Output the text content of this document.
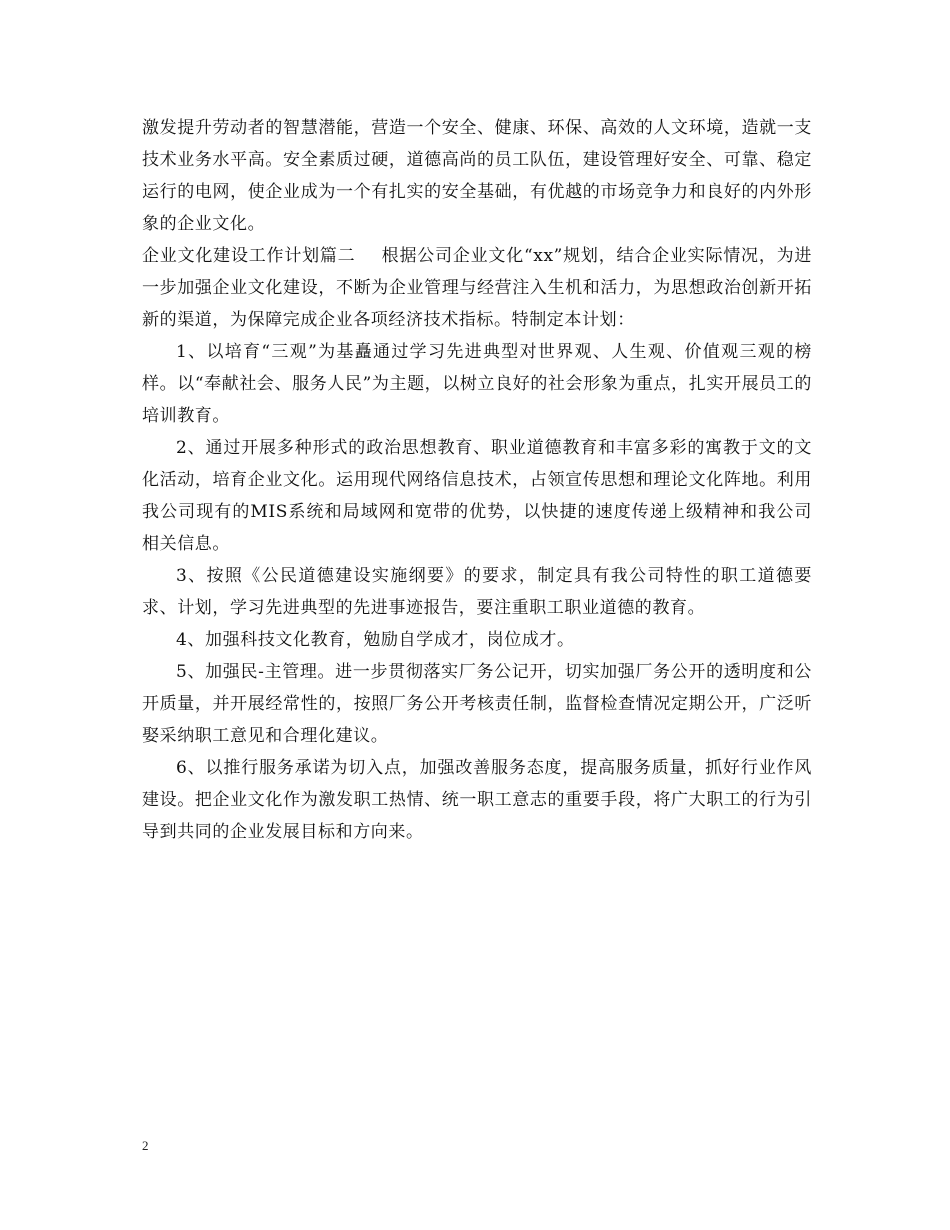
激发提升劳动者的智慧潜能，营造一个安全、健康、环保、高效的人文环境，造就一支技术业务水平高。安全素质过硬，道德高尚的员工队伍，建设管理好安全、可靠、稳定运行的电网，使企业成为一个有扎实的安全基础，有优越的市场竞争力和良好的内外形象的企业文化。

企业文化建设工作计划篇二 根据公司企业文化“xx”规划，结合企业实际情况，为进一步加强企业文化建设，不断为企业管理与经营注入生机和活力，为思想政治创新开拓新的渠道，为保障完成企业各项经济技术指标。特制定本计划：

1、以培育“三观”为基矗通过学习先进典型对世界观、人生观、价值观三观的榜样。以“奉献社会、服务人民”为主题，以树立良好的社会形象为重点，扎实开展员工的培训教育。

2、通过开展多种形式的政治思想教育、职业道德教育和丰富多彩的寓教于文的文化活动，培育企业文化。运用现代网络信息技术，占领宣传思想和理论文化阵地。利用我公司现有的MIS系统和局域网和宽带的优势，以快捷的速度传递上级精神和我公司相关信息。

3、按照《公民道德建设实施纲要》的要求，制定具有我公司特性的职工道德要求、计划，学习先进典型的先进事迹报告，要注重职工职业道德的教育。

4、加强科技文化教育，勉励自学成才，岗位成才。

5、加强民-主管理。进一步贯彻落实厂务公记开，切实加强厂务公开的透明度和公开质量，并开展经常性的，按照厂务公开考核责任制，监督检查情况定期公开，广泛听娶采纳职工意见和合理化建议。

6、以推行服务承诺为切入点，加强改善服务态度，提高服务质量，抓好行业作风建设。把企业文化作为激发职工热情、统一职工意志的重要手段，将广大职工的行为引导到共同的企业发展目标和方向来。

2
